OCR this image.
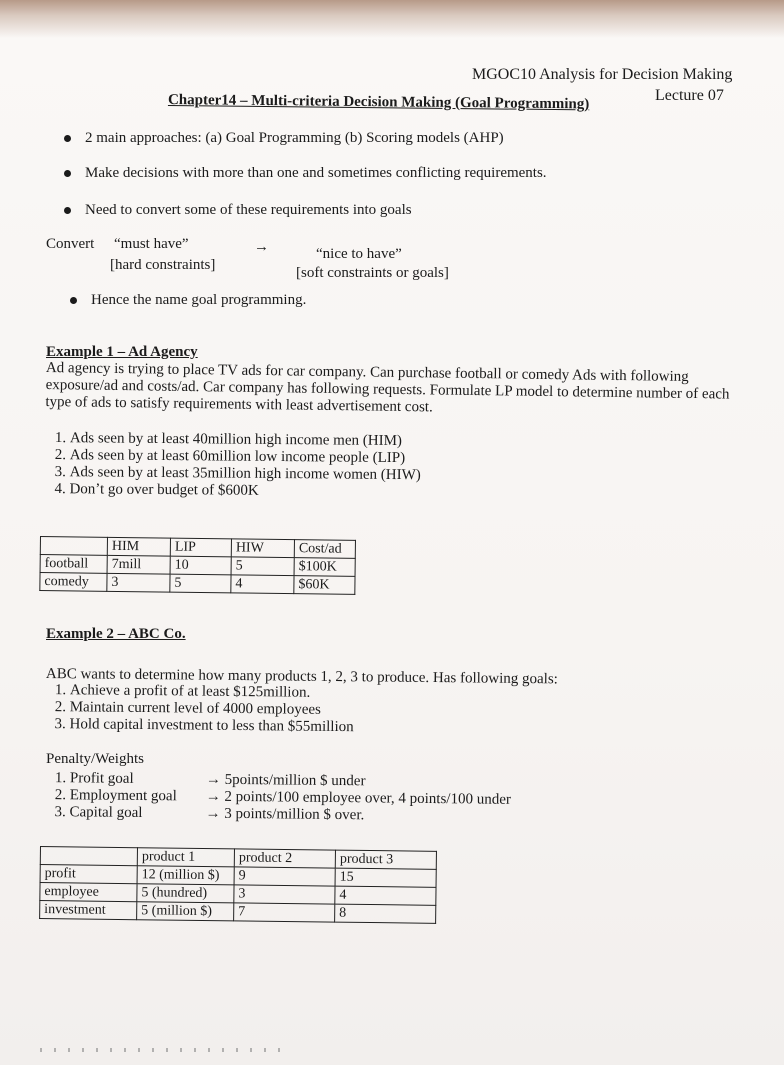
MGOC10 Analysis for Decision Making
Lecture 07
Chapter14 – Multi-criteria Decision Making (Goal Programming)
2 main approaches: (a) Goal Programming (b) Scoring models (AHP)
Make decisions with more than one and sometimes conflicting requirements.
Need to convert some of these requirements into goals
Convert “must have”
[hard constraints]
→	“nice to have”
[soft constraints or goals]
Hence the name goal programming.
Example 1 – Ad Agency
Ad agency is trying to place TV ads for car company. Can purchase football or comedy Ads with following exposure/ad and costs/ad. Car company has following requests. Formulate LP model to determine number of each type of ads to satisfy requirements with least advertisement cost.
1. Ads seen by at least 40million high income men (HIM)
2. Ads seen by at least 60million low income people (LIP)
3. Ads seen by at least 35million high income women (HIW)
4. Don’t go over budget of $600K
	HIM	LIP	HIW	Cost/ad
football	7mill	10	5	$100K
comedy	3	5	4	$60K
Example 2 – ABC Co.
ABC wants to determine how many products 1, 2, 3 to produce. Has following goals:
1. Achieve a profit of at least $125million.
2. Maintain current level of 4000 employees
3. Hold capital investment to less than $55million
Penalty/Weights
1. Profit goal	→ 5points/million $ under
2. Employment goal → 2 points/100 employee over, 4 points/100 under
3. Capital goal	→ 3 points/million $ over.
	product 1	product 2	product 3
profit	12 (million $)	9	15
employee	5 (hundred)	3	4
investment	5 (million $)	7	8
